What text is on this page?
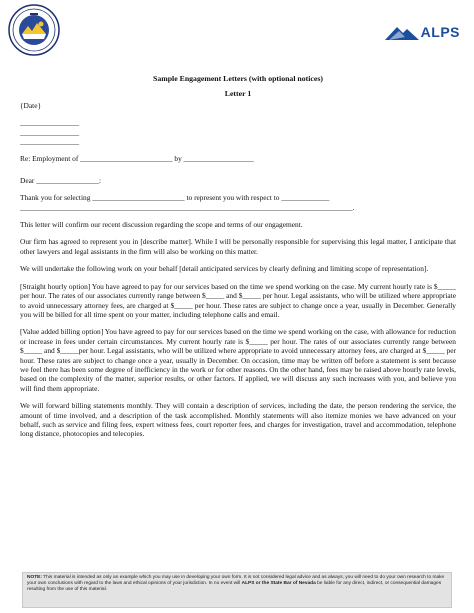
ALPS
Sample Engagement Letters (with optional notices)
Letter 1
{Date}
________________
________________
________________
Re: Employment of _________________________ by ___________________
Dear _________________:
Thank you for selecting _________________________ to represent you with respect to _____________
__________________________________________________________________________________________.

This letter will confirm our recent discussion regarding the scope and terms of our engagement.

Our firm has agreed to represent you in [describe matter]. While I will be personally responsible for supervising this legal matter, I anticipate that other lawyers and legal assistants in the firm will also be working on this matter.

We will undertake the following work on your behalf [detail anticipated services by clearly defining and limiting scope of representation].

[Straight hourly option] You have agreed to pay for our services based on the time we spend working on the case. My current hourly rate is $_____ per hour. The rates of our associates currently range between $_____ and $_____ per hour. Legal assistants, who will be utilized where appropriate to avoid unnecessary attorney fees, are charged at $_____ per hour. These rates are subject to change once a year, usually in December. Generally you will be billed for all time spent on your matter, including telephone calls and email.

[Value added billing option] You have agreed to pay for our services based on the time we spend working on the case, with allowance for reduction or increase in fees under certain circumstances. My current hourly rate is $_____ per hour. The rates of our associates currently range between $_____ and $_____per hour. Legal assistants, who will be utilized where appropriate to avoid unnecessary attorney fees, are charged at $_____ per hour. These rates are subject to change once a year, usually in December. On occasion, time may be written off before a statement is sent because we feel there has been some degree of inefficiency in the work or for other reasons. On the other hand, fees may be raised above hourly rate levels, based on the complexity of the matter, superior results, or other factors. If applied, we will discuss any such increases with you, and believe you will find them appropriate.

We will forward billing statements monthly. They will contain a description of services, including the date, the person rendering the service, the amount of time involved, and a description of the task accomplished. Monthly statements will also itemize monies we have advanced on your behalf, such as service and filing fees, expert witness fees, court reporter fees, and charges for investigation, travel and accommodation, telephone long distance, photocopies and telecopies.

NOTE: This material is intended as only an example which you may use in developing your own form. It is not considered legal advice and as always, you will need to do your own research to make your own conclusions with regard to the laws and ethical opinions of your jurisdiction. In no event will ALPS or the State Bar of Nevada be liable for any direct, indirect, or consequential damages resulting from the use of this material.
